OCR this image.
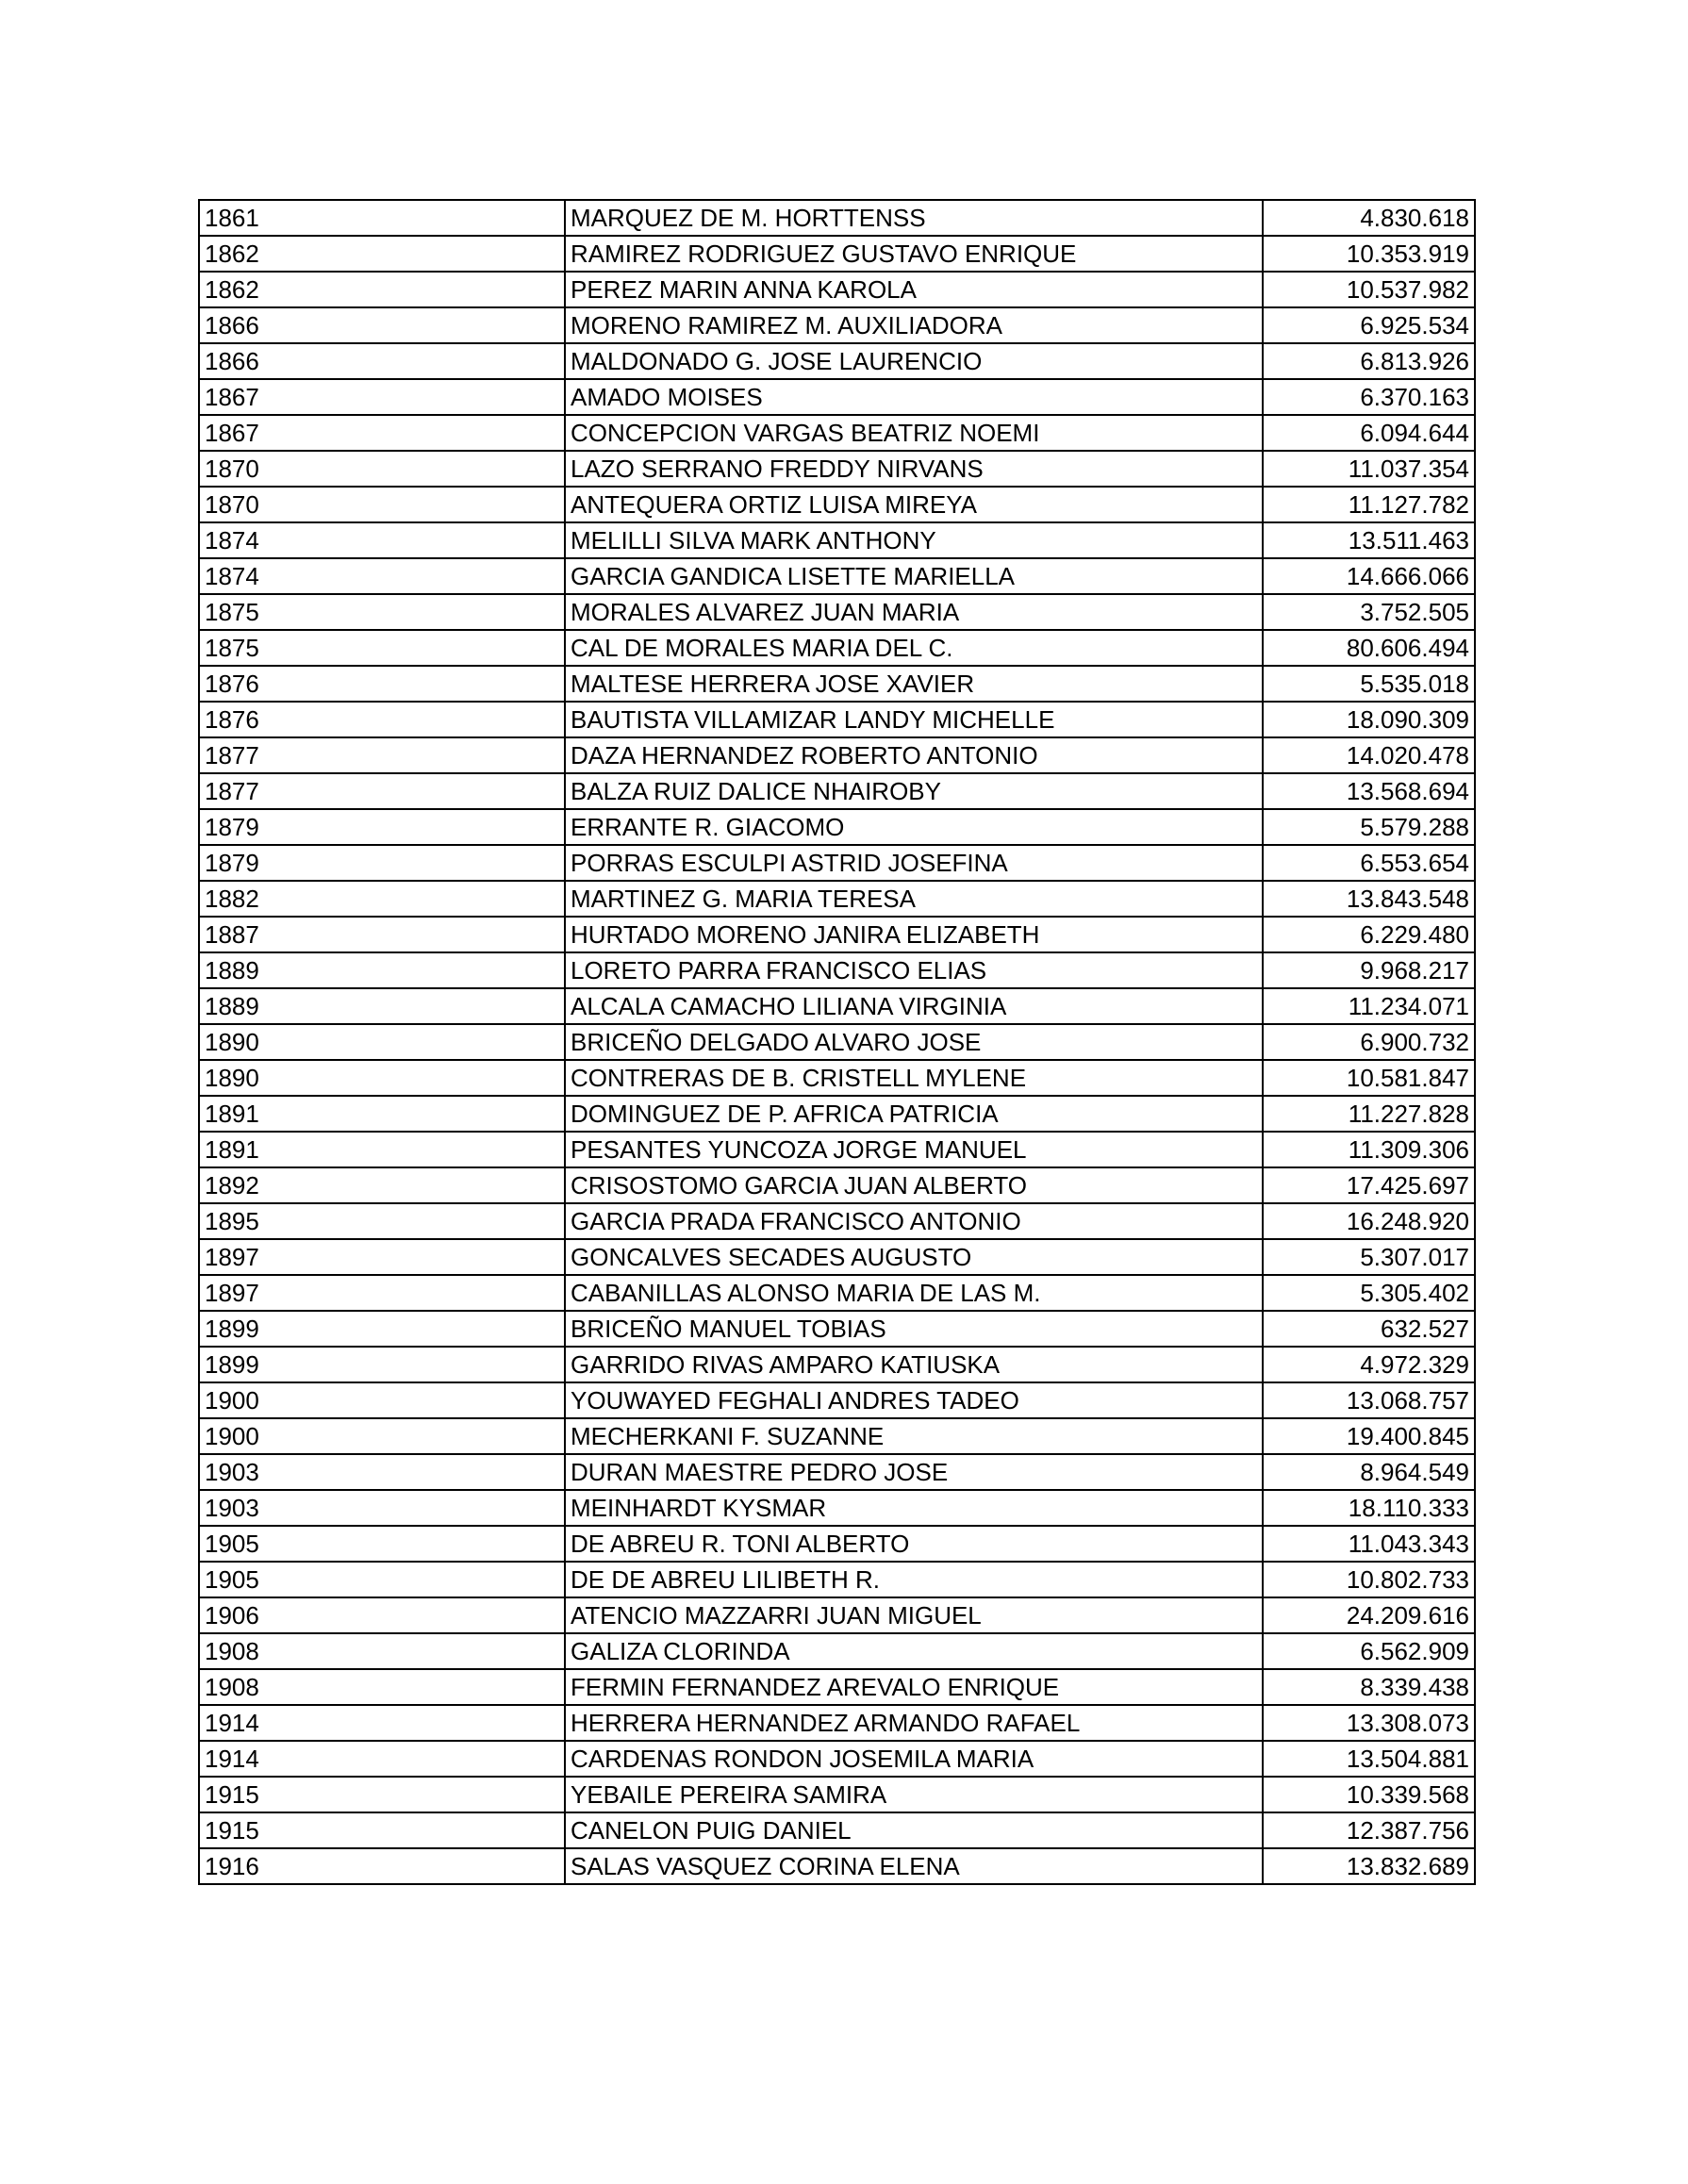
1861	MARQUEZ DE M. HORTTENSS	4.830.618
1862	RAMIREZ RODRIGUEZ GUSTAVO ENRIQUE	10.353.919
1862	PEREZ MARIN ANNA KAROLA	10.537.982
1866	MORENO RAMIREZ M. AUXILIADORA	6.925.534
1866	MALDONADO G. JOSE LAURENCIO	6.813.926
1867	AMADO MOISES	6.370.163
1867	CONCEPCION VARGAS BEATRIZ NOEMI	6.094.644
1870	LAZO SERRANO FREDDY NIRVANS	11.037.354
1870	ANTEQUERA ORTIZ LUISA MIREYA	11.127.782
1874	MELILLI SILVA MARK ANTHONY	13.511.463
1874	GARCIA GANDICA LISETTE MARIELLA	14.666.066
1875	MORALES ALVAREZ JUAN MARIA	3.752.505
1875	CAL DE MORALES MARIA DEL C.	80.606.494
1876	MALTESE HERRERA JOSE XAVIER	5.535.018
1876	BAUTISTA VILLAMIZAR LANDY MICHELLE	18.090.309
1877	DAZA HERNANDEZ ROBERTO ANTONIO	14.020.478
1877	BALZA RUIZ DALICE NHAIROBY	13.568.694
1879	ERRANTE R. GIACOMO	5.579.288
1879	PORRAS ESCULPI ASTRID JOSEFINA	6.553.654
1882	MARTINEZ G. MARIA TERESA	13.843.548
1887	HURTADO MORENO JANIRA ELIZABETH	6.229.480
1889	LORETO PARRA FRANCISCO ELIAS	9.968.217
1889	ALCALA CAMACHO LILIANA VIRGINIA	11.234.071
1890	BRICEÑO DELGADO ALVARO JOSE	6.900.732
1890	CONTRERAS DE B. CRISTELL MYLENE	10.581.847
1891	DOMINGUEZ DE P. AFRICA PATRICIA	11.227.828
1891	PESANTES YUNCOZA JORGE MANUEL	11.309.306
1892	CRISOSTOMO GARCIA JUAN ALBERTO	17.425.697
1895	GARCIA PRADA FRANCISCO ANTONIO	16.248.920
1897	GONCALVES SECADES AUGUSTO	5.307.017
1897	CABANILLAS ALONSO MARIA DE LAS M.	5.305.402
1899	BRICEÑO MANUEL TOBIAS	632.527
1899	GARRIDO RIVAS AMPARO KATIUSKA	4.972.329
1900	YOUWAYED FEGHALI ANDRES TADEO	13.068.757
1900	MECHERKANI F. SUZANNE	19.400.845
1903	DURAN MAESTRE PEDRO JOSE	8.964.549
1903	MEINHARDT KYSMAR	18.110.333
1905	DE ABREU R. TONI ALBERTO	11.043.343
1905	DE DE ABREU LILIBETH R.	10.802.733
1906	ATENCIO MAZZARRI JUAN MIGUEL	24.209.616
1908	GALIZA CLORINDA	6.562.909
1908	FERMIN FERNANDEZ AREVALO ENRIQUE	8.339.438
1914	HERRERA HERNANDEZ ARMANDO RAFAEL	13.308.073
1914	CARDENAS RONDON JOSEMILA MARIA	13.504.881
1915	YEBAILE PEREIRA SAMIRA	10.339.568
1915	CANELON PUIG DANIEL	12.387.756
1916	SALAS VASQUEZ CORINA ELENA	13.832.689
